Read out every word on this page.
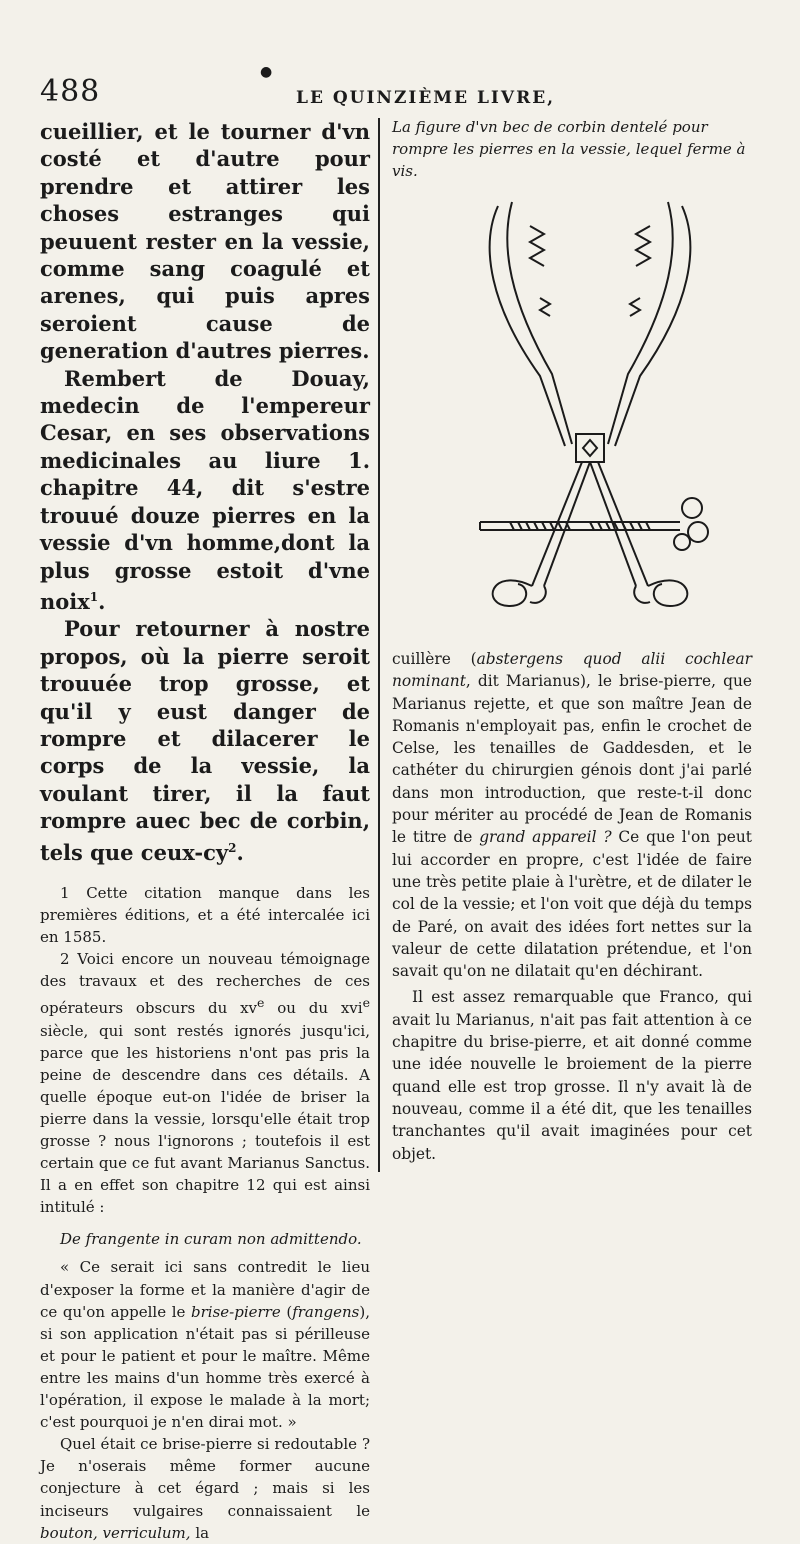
●
488	LE QUINZIÈME LIVRE,
cueillier, et le tourner d'vn costé et d'autre pour prendre et attirer les choses estranges qui peuuent rester en la vessie, comme sang coagulé et arenes, qui puis apres seroient cause de generation d'autres pierres.
Rembert de Douay, medecin de l'empereur Cesar, en ses observations medicinales au liure 1. chapitre 44, dit s'estre trouué douze pierres en la vessie d'vn homme,dont la plus grosse estoit d'vne noix$^1$.
Pour retourner à nostre propos, où la pierre seroit trouuée trop grosse, et qu'il y eust danger de rompre et dilacerer le corps de la vessie, la voulant tirer, il la faut rompre auec bec de corbin, tels que ceux-$cy^2$.

1 Cette citation manque dans les premières éditions, et a été intercalée ici en 1585.

2 Voici encore un nouveau témoignage des travaux et des recherches de ces opérateurs obscurs du $xv^e$ ou du xvi$^e$ siècle, qui sont restés ignorés jusqu'ici, parce que les historiens n'ont pas pris la peine de descendre dans ces détails. A quelle époque eut-on l'idée de briser la pierre dans la vessie, lorsqu'elle était trop grosse ? nous l'ignorons ; toutefois il est certain que ce fut avant Marianus Sanctus. Il a en effet son chapitre 12 qui est ainsi intitulé :

De frangente in curam non admittendo.

« Ce serait ici sans contredit le lieu d'exposer la forme et la manière d'agir de ce qu'on appelle le brise-pierre (frangens), si son application n'était pas si périlleuse et pour le patient et pour le maître. Même entre les mains d'un homme très exercé à l'opération, il expose le malade à la mort; c'est pourquoi je n'en dirai mot. »

Quel était ce brise-pierre si redoutable ? Je n'oserais même former aucune conjecture à cet égard ; mais si les inciseurs vulgaires connaissaient le bouton, verriculum, la

La figure d'vn bec de corbin dentelé pour rompre les pierres en la vessie, lequel ferme à vis.

cuillère (abstergens quod alii cochlear nominant, dit Marianus), le brise-pierre, que Marianus rejette, et que son maître Jean de Romanis n'employait pas, enfin le crochet de Celse, les tenailles de Gaddesden, et le cathéter du chirurgien génois dont j'ai parlé dans mon introduction, que reste-t-il donc pour mériter au procédé de Jean de Romanis le titre de grand appareil ? Ce que l'on peut lui accorder en propre, c'est l'idée de faire une très petite plaie à l'urètre, et de dilater le col de la vessie; et l'on voit que déjà du temps de Paré, on avait des idées fort nettes sur la valeur de cette dilatation prétendue, et l'on savait qu'on ne dilatait qu'en déchirant.

Il est assez remarquable que Franco, qui avait lu Marianus, n'ait pas fait attention à ce chapitre du brise-pierre, et ait donné comme une idée nouvelle le broiement de la pierre quand elle est trop grosse. Il n'y avait là de nouveau, comme il a été dit, que les tenailles tranchantes qu'il avait imaginées pour cet objet.
